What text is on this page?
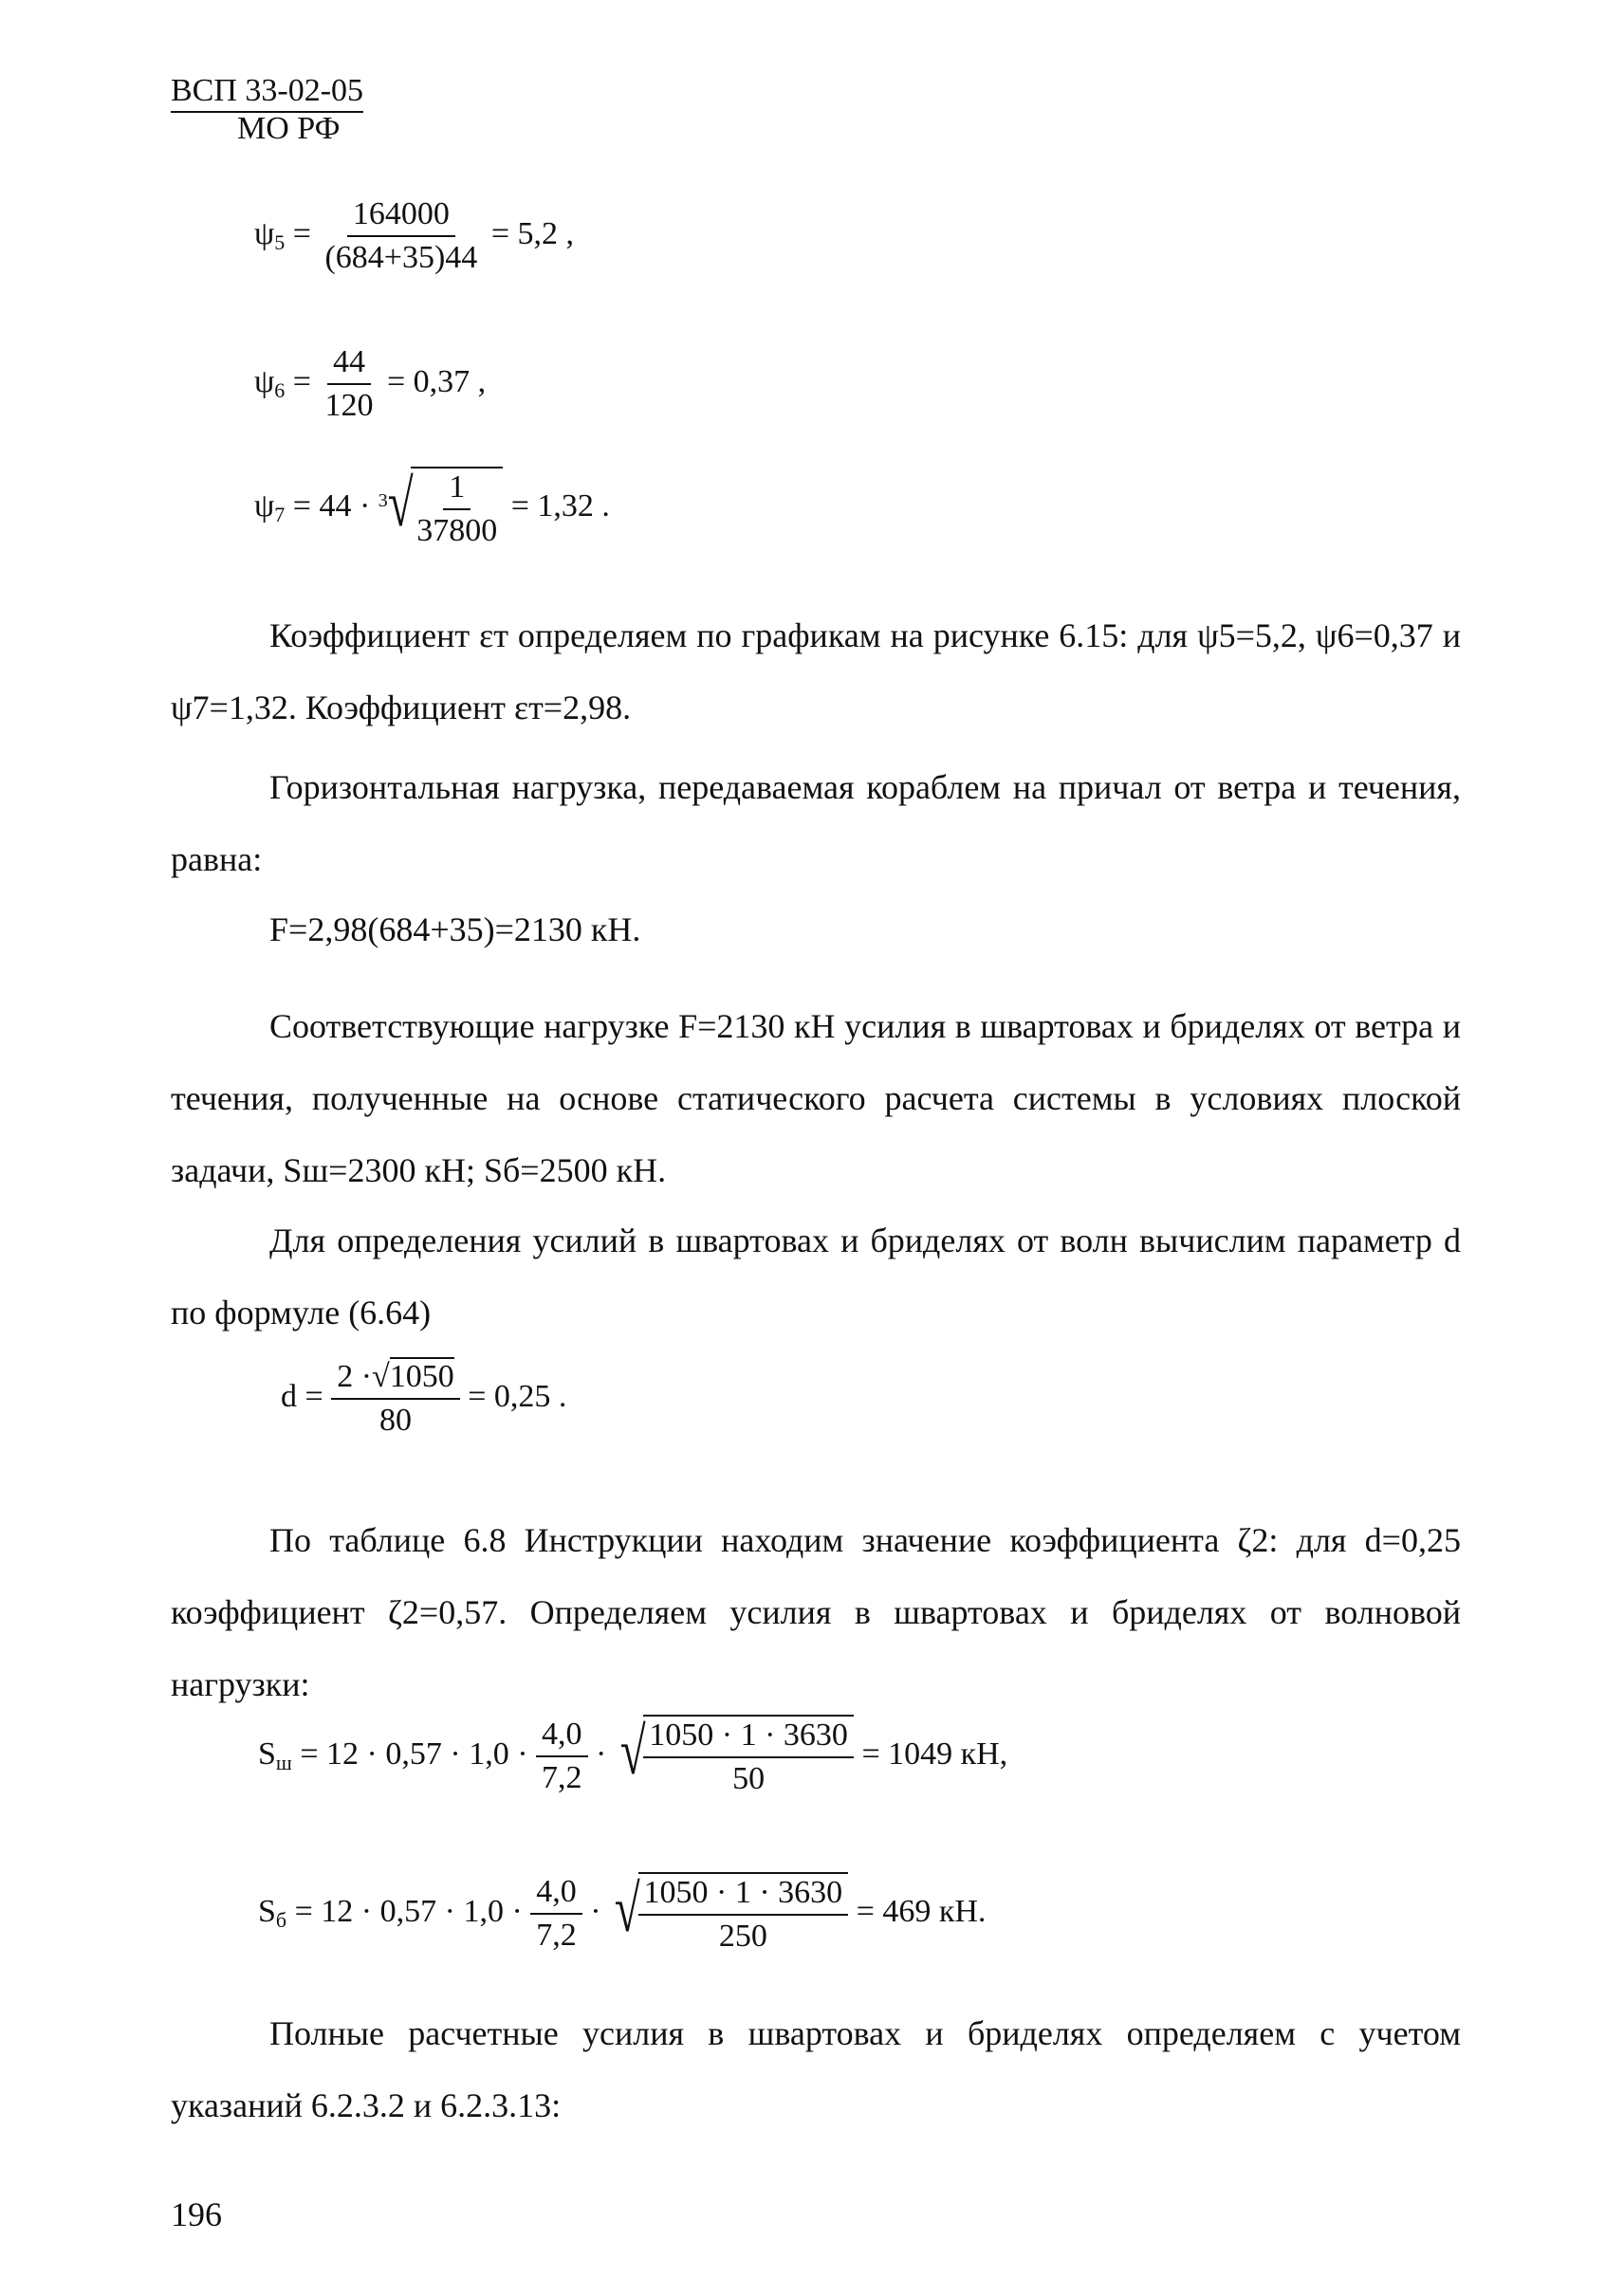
ВСП 33-02-05
МО РФ
$\psi_5 = \frac{164000}{(684+35)44} = 5,2$ ,
$\psi_6 = \frac{44}{120} = 0,37$ ,
$\psi_7 = 44 \cdot 3$ √
$\frac{1}{37800} = 1,32$ .
Коэффициент εт определяем по графикам на рисунке 6.15: для ψ5=5,2, ψ6=0,37 и ψ7=1,32. Коэффициент εт=2,98.
Горизонтальная нагрузка, передаваемая кораблем на причал от ветра и течения, равна:
F=2,98(684+35)=2130 кН.
Соответствующие нагрузке F=2130 кН усилия в швартовах и бриделях от ветра и течения, полученные на основе статического расчета системы в условиях плоской задачи, Sш=2300 кН; Sб=2500 кН.
Для определения усилий в швартовах и бриделях от волн вычислим параметр d по формуле (6.64)
$d = \frac{2 \cdot√1050}{80} = 0,25$ .
По таблице 6.8 Инструкции находим значение коэффициента ζ2: для d=0,25 коэффициент ζ2=0,57. Определяем усилия в швартовах и бриделях от волновой нагрузки:
$S_ш = 12 \cdot 0,57 \cdot 1,0 \cdot \frac{4,0}{7,2}$ · √
$\frac{1050 \cdot 1 \cdot 3630}{50} = 1049$ кН,
$S_б = 12 \cdot 0,57 \cdot 1,0 \cdot \frac{4,0}{7,2}$ · √
$\frac{1050 \cdot 1 \cdot 3630}{250} = 469$ кН.
Полные расчетные усилия в швартовах и бриделях определяем с учетом указаний 6.2.3.2 и 6.2.3.13:
196
